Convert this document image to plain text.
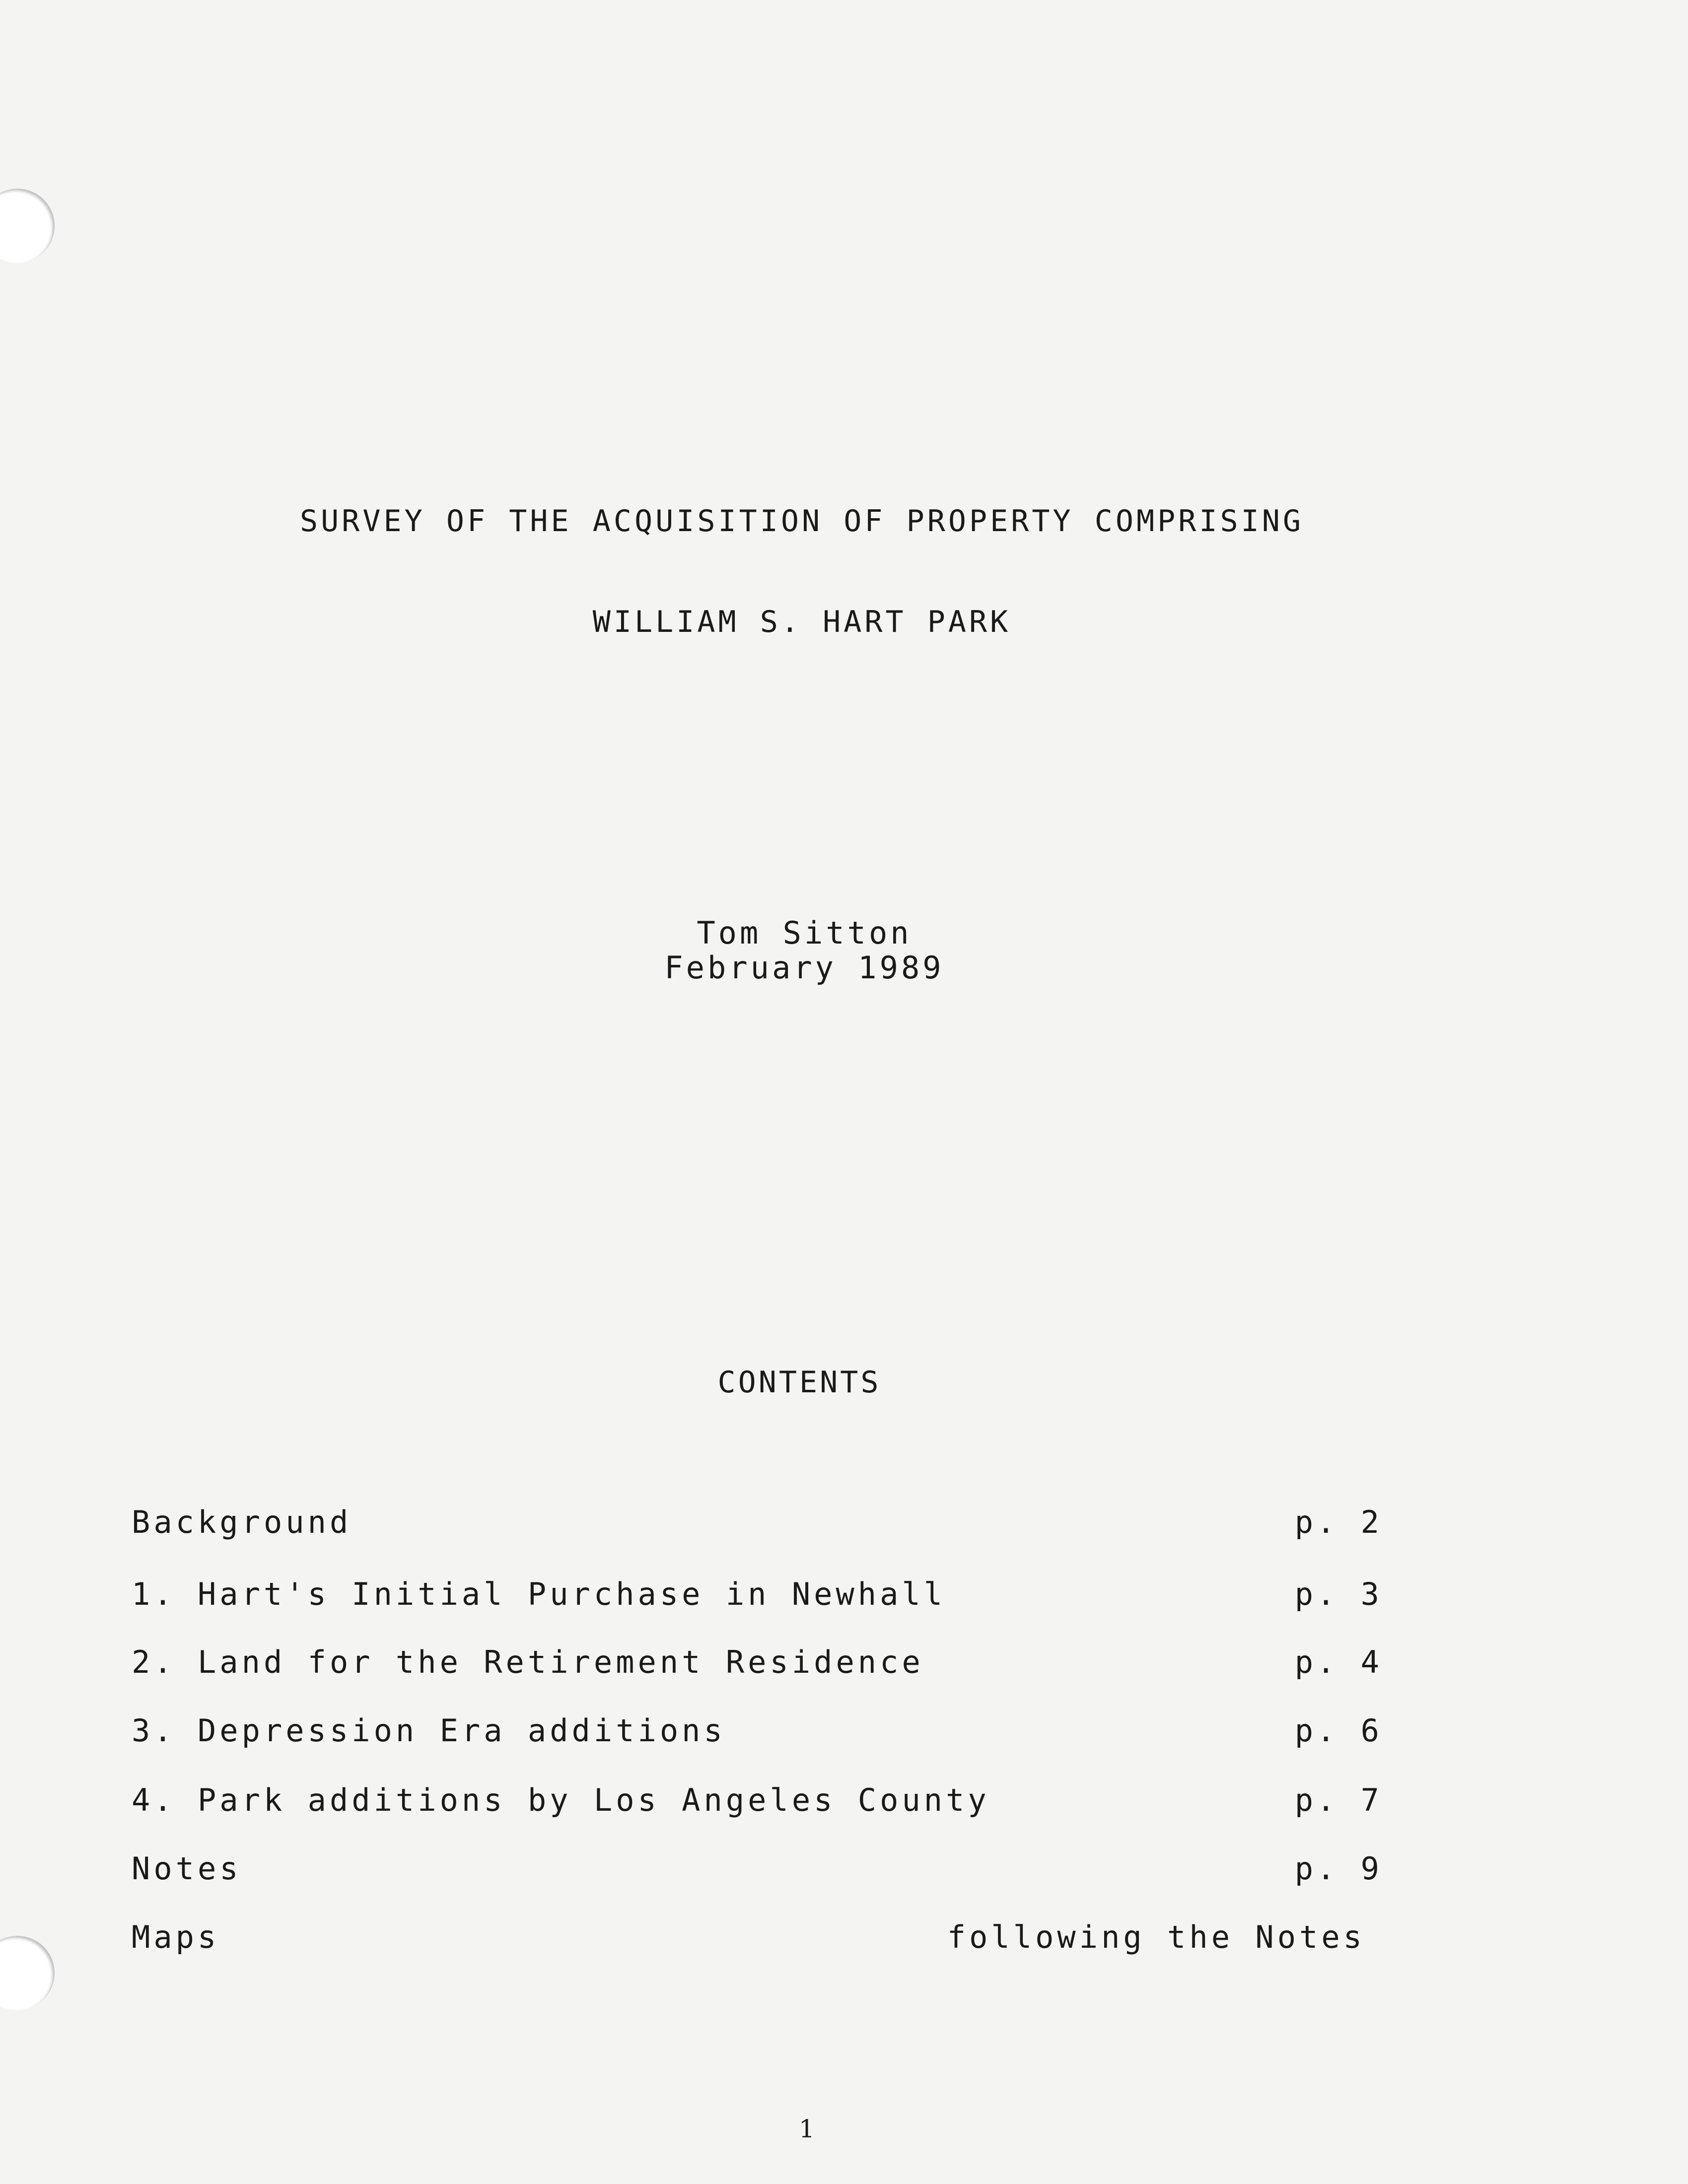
SURVEY OF THE ACQUISITION OF PROPERTY COMPRISING
WILLIAM S. HART PARK
Tom Sitton
February 1989
CONTENTS
Background	p. 2
1. Hart's Initial Purchase in Newhall	p. 3
2. Land for the Retirement Residence	p. 4
3. Depression Era additions	p. 6
4. Park additions by Los Angeles County	p. 7
Notes	p. 9
Maps	following the Notes
1
